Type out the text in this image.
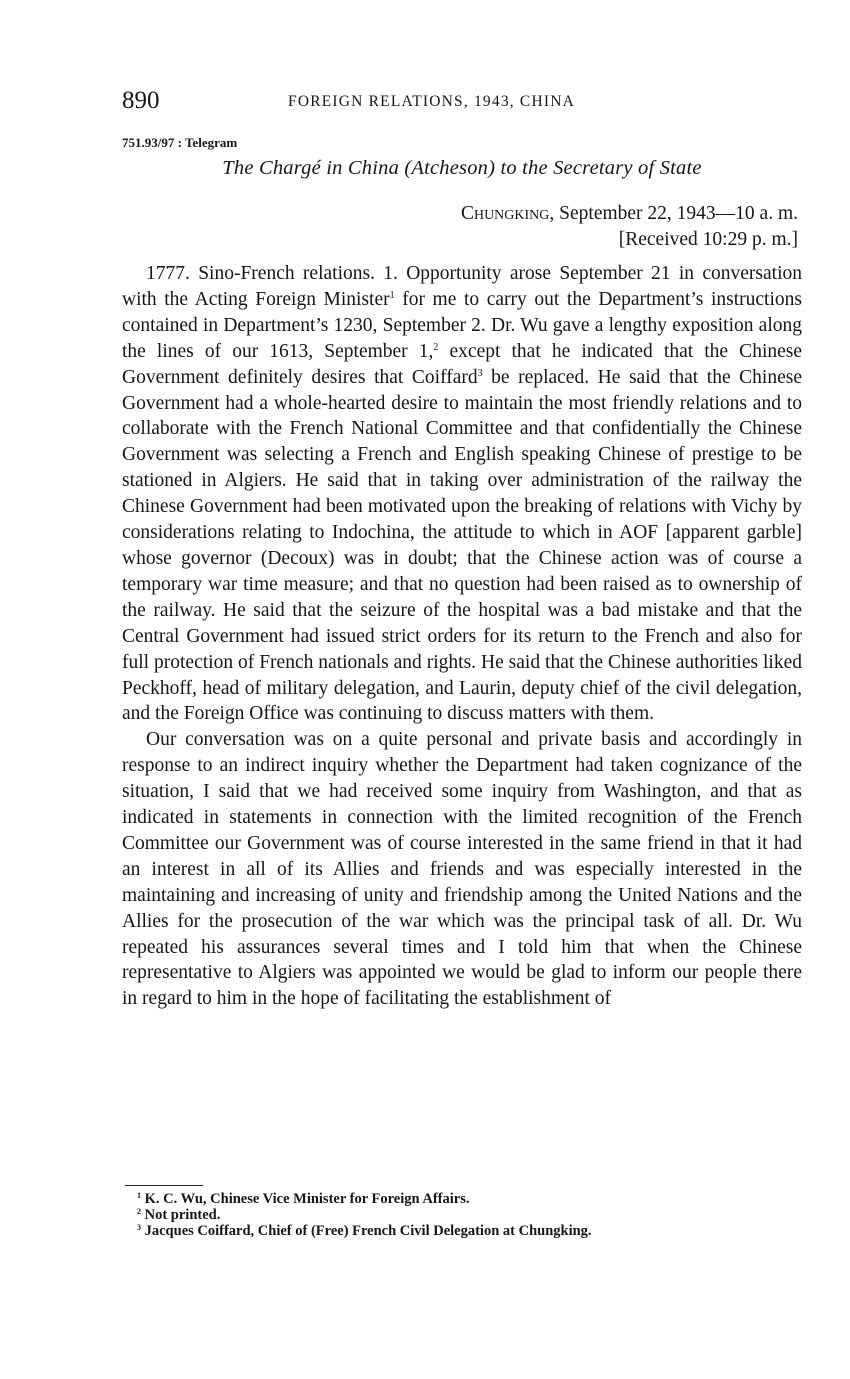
890	FOREIGN RELATIONS, 1943, CHINA
751.93/97 : Telegram
The Chargé in China (Atcheson) to the Secretary of State
Chungking, September 22, 1943—10 a. m.
[Received 10:29 p. m.]

1777. Sino-French relations. 1. Opportunity arose September 21 in conversation with the Acting Foreign Minister$^1$ for me to carry out the Department’s instructions contained in Department’s 1230, September 2. Dr. Wu gave a lengthy exposition along the lines of our 1613, September 1,$^2$ except that he indicated that the Chinese Government definitely desires that Coiffard$^3$ be replaced. He said that the Chinese Government had a whole-hearted desire to maintain the most friendly relations and to collaborate with the French National Committee and that confidentially the Chinese Government was selecting a French and English speaking Chinese of prestige to be stationed in Algiers. He said that in taking over administration of the railway the Chinese Government had been motivated upon the breaking of relations with Vichy by considerations relating to Indochina, the attitude to which in AOF [apparent garble] whose governor (Decoux) was in doubt; that the Chinese action was of course a temporary war time measure; and that no question had been raised as to ownership of the railway. He said that the seizure of the hospital was a bad mistake and that the Central Government had issued strict orders for its return to the French and also for full protection of French nationals and rights. He said that the Chinese authorities liked Peckhoff, head of military delegation, and Laurin, deputy chief of the civil delegation, and the Foreign Office was continuing to discuss matters with them.

Our conversation was on a quite personal and private basis and accordingly in response to an indirect inquiry whether the Department had taken cognizance of the situation, I said that we had received some inquiry from Washington, and that as indicated in statements in connection with the limited recognition of the French Committee our Government was of course interested in the same friend in that it had an interest in all of its Allies and friends and was especially interested in the maintaining and increasing of unity and friendship among the United Nations and the Allies for the prosecution of the war which was the principal task of all. Dr. Wu repeated his assurances several times and I told him that when the Chinese representative to Algiers was appointed we would be glad to inform our people there in regard to him in the hope of facilitating the establishment of

$^1$ K. C. Wu, Chinese Vice Minister for Foreign Affairs.
$^2$ Not printed.
$^3$ Jacques Coiffard, Chief of (Free) French Civil Delegation at Chungking.
